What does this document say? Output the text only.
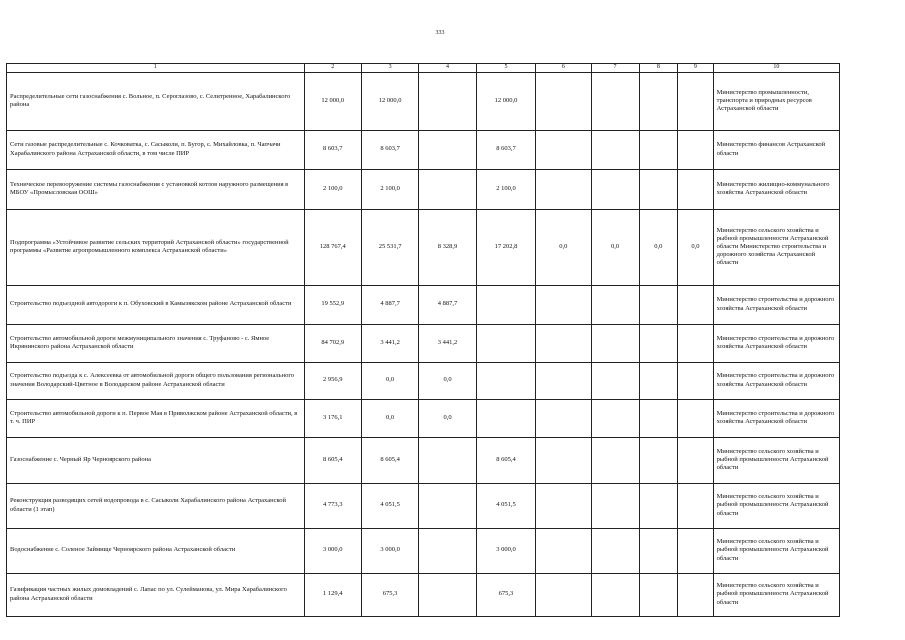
333
1	2	3	4	5	6	7	8	9	10
Распределительные сети газоснабжения с. Вольное, п. Сероглазово, с. Селитренное, Харабалинского района	12 000,0	12 000,0		12 000,0					Министерство промышленности, транспорта и природных ресурсов Астраханской области
Сети газовые распределительные с. Кочковатка, с. Сасыколи, п. Бугор, с. Михайловка, п. Чапчачи Харабалинского района Астраханской области, в том числе ПИР	8 603,7	8 603,7		8 603,7					Министерство финансов Астраханской области
Техническое перевооружение системы газоснабжения с установкой котлов наружного размещения в МБОУ «Промысловская ООШ»	2 100,0	2 100,0		2 100,0					Министерство жилищно-коммунального хозяйства Астраханской области
Подпрограмма «Устойчивое развитие сельских территорий Астраханской области» государственной программы «Развитие агропромышленного комплекса Астраханской области»	128 767,4	25 531,7	8 328,9	17 202,8	0,0	0,0	0,0	0,0	Министерство сельского хозяйства и рыбной промышленности Астраханской области Министерство строительства и дорожного хозяйства Астраханской области
Строительство подъездной автодороги к п. Обуховский в Камызякском районе Астраханской области	19 552,9	4 887,7	4 887,7						Министерство строительства и дорожного хозяйства Астраханской области
Строительство автомобильной дороги межмуниципального значения с. Труфаново - с. Ямное Икрянинского района Астраханской области	84 702,9	3 441,2	3 441,2						Министерство строительства и дорожного хозяйства Астраханской области
Строительство подъезда к с. Алексеевка от автомобильной дороги общего пользования регионального значения Володарский-Цветное в Володарском районе Астраханской области	2 956,9	0,0	0,0						Министерство строительства и дорожного хозяйства Астраханской области
Строительство автомобильной дороги к п. Первое Мая в Приволжском районе Астраханской области, в т. ч. ПИР	3 176,1	0,0	0,0						Министерство строительства и дорожного хозяйства Астраханской области
Газоснабжение с. Черный Яр Черноярского района	8 605,4	8 605,4		8 605,4					Министерство сельского хозяйства и рыбной промышленности Астраханской области
Реконструкция разводящих сетей водопровода в с. Сасыколи Харабалинского района Астраханской области (1 этап)	4 773,3	4 051,5		4 051,5					Министерство сельского хозяйства и рыбной промышленности Астраханской области
Водоснабжение с. Соленое Займище Черноярского района Астраханской области	3 000,0	3 000,0		3 000,0					Министерство сельского хозяйства и рыбной промышленности Астраханской области
Газификация частных жилых домовладений с. Лапас по ул. Сулейманова, ул. Мира Харабалинского района Астраханской области	1 129,4	675,3		675,3					Министерство сельского хозяйства и рыбной промышленности Астраханской области
